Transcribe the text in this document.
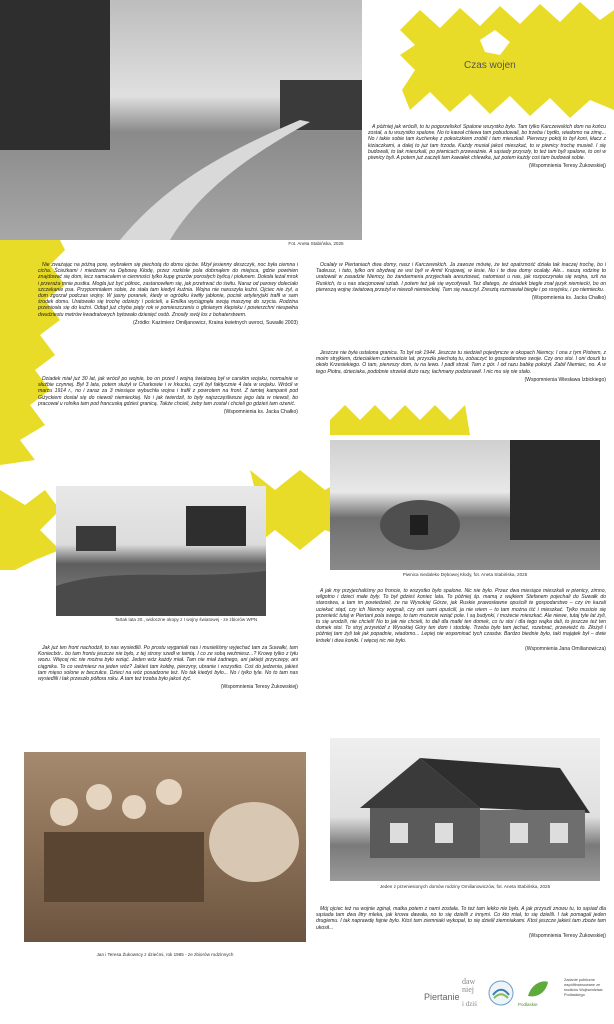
Czas wojen
Fot. Aneta Stabińska, 2025

A później jak wróciłi, to tu pogorzelisko! Spalone wszystko było. Tam tylko Karczewskich dom na końcu został, a tu wszystko spalone. No to kawał chlewa tam pobudowali, bo trzeba i bydło, wiadomo na zimę... No i takie sobie tam kuchenkę z pokoiczkiem zrobili i tam mieszkali. Pierwszy pokój to był koni, kłacz z kiziaczkami, a dalej to już tam trzoda. Każdy musiał jakoś mieszkać, to w piwnicy trochę musieli. I się budowali, to tak mieszkali, po piwnicach przeważnie. A sąsiady przyszły, to też tam byli spalone, to oni w piwnicy byli. A potem już zaczęli tam kawałek chlewika, już potem każdy coś tam budował sobie.

(Wspomnienia Teresy Żukowskiej)

Nie zważając na późną porę, wybrałem się piechotą do domu ojców. Mżył jesienny deszczyk, noc była ciemna i cicha. Ścieżkami i miedzami na Dębową Kłodę, przez rozkisłe pola dobrnąłem do miejsca, gdzie powinien znajdować się dom, lecz namacałem w ciemności tylko kupę gruzów porosłych bylicą i piołunem. Dokoła leżał mrok i przeraża mnie pustka. Mogła już być północ, zastanowiłem się, jak przetrwać do świtu. Naraz od parowy doleciało szczekanie psa. Przypomniałem sobie, że stała tam kiedyś kuźnia. Wojna nie naruszyła kuźni. Ojciec nie żył, a dom zgorzał podczas wojny. W jasny poranek, kiedy w ogródku kwitły jabłonie, pocisk artyleryjski trafił w sam środek domu. Uratowało się trochę odzieży i pościeli, a Emilka wyciągnęła swoją maszynę do szycia. Rodzina przeniosła się do kuźni. Odtąd już chyba piąty rok w pomieszczeniu o glinianym klepisku i powierzchni niespełna dwudziestu metrów kwadratowych bytowało dziesięć osób. Znosiły swój los z bohaterstwem.

(Źródło: Kazimierz Omiljanowicz, Kraina kwietnych uwroci, Suwałki 2003)

Ocalały w Piertaniach dwa domy, nasz i Karczewskich. Ja zawsze mówię, że też opatrzność działa tak inaczej trochę, bo i Tadeusz, i tato, tylko oni obydwaj ze wsi byli w Armii Krajowej, w lesie. No i te dwa domy ocalały. Ale... naszą rodzinę to uratowali w zasadzie Niemcy, bo żandarmeria przyjechała aresztować, natomiast u nas, jak rozpoczynała się wojna, szli na Ruskich, to u nas stacjonował sztab. I potem też jak się wycofywali. Też dlatego, że dziadek biegle znał język niemiecki, bo on pierwszą wojnę światową przeżył w niewoli niemieckiej. Tam się nauczył. Zresztą rozmawiał biegle i po rosyjsku, i po niemiecku.

(Wspomnienia ks. Jacka Chałko)

Jeszcze nie była ustalona granica. To był rok 1944. Jeszcze tu siedzieli pojedyncze w okopach Niemcy. I ona z tym Piotrem, z moim stryjkiem, dzieciakiem czternaście lat, przyszła piechotą tu, zobaczyć to gospodarstwo swoje. Czy ono stoi. I oni doszli tu około Krzesiekiego. O tam, pierwszy dom, tu na lewo. I padł strzał. Tam z gór. I od razu babkę położył. Zabił Niemiec, no. A w tego Piotra, dzieciaka, podobnie strzelał dużo razy, łachmany podziurawił. I nic mu się nie stało.

(Wspomnienia Wiesława Izbickiego)

Dziadek miał już 30 lat, jak wrócił po wojnie, bo on przed I wojną światową był w carskim wojsku, normalnie w służbie czynnej. Był 3 lata, potem służył w Charkowie i w Irkucku, czyli był faktycznie 4 lata w wojsku. Wrócił w marcu 1914 r., no i zaraz za 3 miesiące wybuchła wojna i trafił z powrotem na front. Z tamtej kampanii pod Giżyckiem dostał się do niewoli niemieckiej. No i jak twierdził, to były najszczęśliwsze jego lata w niewoli, bo pracował u rolnika tam pod francuską gdzieś granicą. Także chcieli, żeby tam został i chcieli go gdzieś tam ożenić.

(Wspomnienia ks. Jacka Chałko)
Piwnica niedaleko Dębowej Kłody, fot. Aneta Stabińska, 2025
Tartak lata 20., widoczne okopy z I wojny światowej - ze zbiorów WPN

A jak my przyjechaliśmy po froncie, to wszystko było spalone. Nic nie było. Przez dwa miesiące mieszkali w piwnicy, zimno, wilgotno i dzieci małe były. To był gdzieś koniec lata. To później śp. mamą z wujkiem Stefanem pojechali do Suwałk do starostwa, a tam im powiedzieli, że na Wysokiej Górze, jak Ruskie prawosławne opuściłi te gospodarstwo – czy im kazali uciekać stąd, czy ich Niemcy wygnali, czy oni sami opuścili, ja nie wiem – to tam można iść i mieszkać. Tylko musicie się przenieść tutaj w Piertani pola swego, to tam możecie wziąć pole. I są budynki, i możecie mieszkać. Ale niewe, tutaj tyle lat żyli, tu się urodzili, nie chcieli! No to jak nie chcieli, to dali dla matki ten domek, co tu stoi i dla tego wujka dali, to jeszcze też ten domek stoi. To stryj przywiózł z Wysokiej Góry ten dom i stodołę. Trzeba było tam jechać, rozebrać, przewieźć to. Złożyli i później tam żyli tak jak popadnie, wiadomo... Lepiej nie wspominać tych czasów. Bardzo biednie było, taki majątek był – dwie krówki i dwa koniki. I więcej nic nie było.

(Wspomnienia Jana Omilianowicza)

Jak już ten front nachodził, to nas wysiedlili. Po prostu wyganiali nas i musieliśmy wyjechać tam za Suwałki, tam Koniecbór.. bo tam frontu jeszcze nie było, z tej strony szedł w tamtą. I co ze sobą weźmiesz...? Krowę tylko z tyłu wozu. Więcej nic nie można było wziąć. Jeden wóz każdy miał. Tam nie miał żadnego, ani jakiejś przyczepy, ani ciągnika. To co weźmiesz na jeden wóz? Jakieś tam kołdrę, pierzyny, ubranie i wszystko. Coś do jedzenia, jakieś tam mięso solone w beczułce. Dzieci na wóz posadzone też. No tak kiedyś było... No i tylko tyle. No to tam nas wysiedlili i tak przeszło półtora roku. A tam też trzeba było jakoś żyć.

(Wspomnienia Teresy Żukowskiej)
Jeden z przeniesionych domów rodziny Omilianowiczów, fot. Aneta Stabińska, 2025
Jan i Teresa Żukowscy z dziećmi, rok 1965 - ze zbiorów rodzinnych

Mój ojciec też na wojnie zginął, matka potem z nami została. To też tam lekko nie było. A jak przyszli znowu tu, to sąsiad dla sąsiada tam dwa litry mleka, jak krowa dawała, no to się dzielili z innymi. Co kto miał, to się dzielili. I tak pomagali jeden drugiemu. I tak naprawdę fajnie było. Ktoś tam ziemniaki wykopał, to się dzielił ziemniakami. Ktoś jeszcze jakieś tam zboże tam ukosił...

(Wspomnienia Teresy Żukowskiej)
Piertanie
daw niej
i dziś	Podlaskie
Zadanie publiczne współfinansowane ze środków Województwa Podlaskiego
